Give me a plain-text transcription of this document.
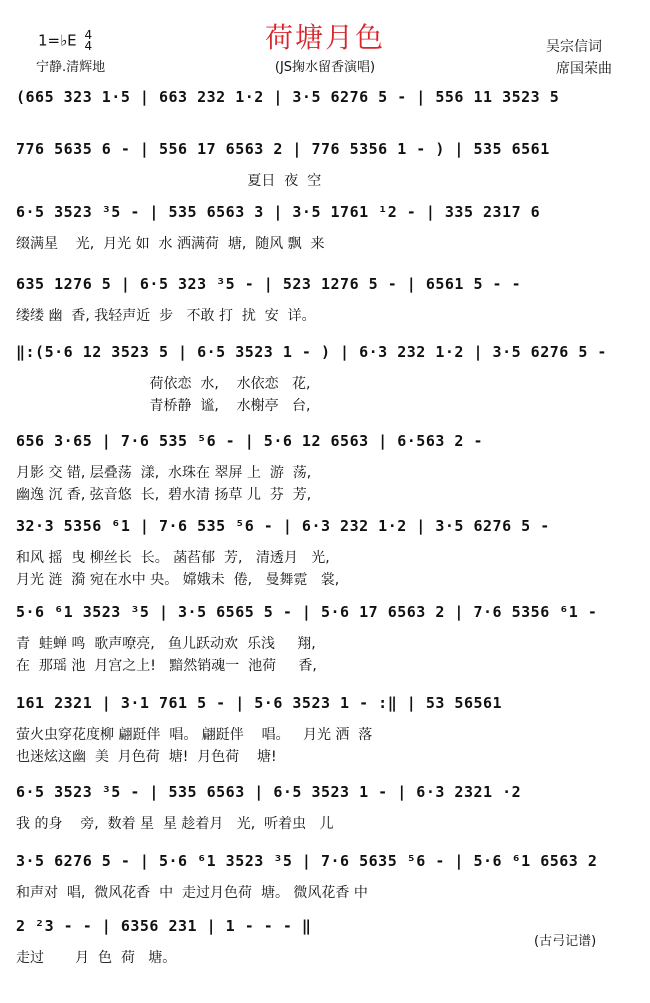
荷塘月色
(JS掬水留香演唱)
1=♭E 4
4
宁静.清辉地
吴宗信词
席国荣曲
(古弓记谱)
(665 323 1·5 | 663 232 1·2 | 3·5 6276 5 - | 556 11 3523 5
776 5635 6 - | 556 17 6563 2 | 776 5356 1 - ) | 535 6561
夏日  夜  空
6·5 3523 ³5 - | 535 6563 3 | 3·5 1761 ¹2 - | 335 2317 6
缀满星    光,  月光 如  水 洒满荷  塘,  随风 飘  来
635 1276 5 | 6·5 323 ³5 - | 523 1276 5 - | 6561 5 - -
缕缕 幽  香, 我轻声近  步   不敢 打  扰  安  详。
‖:(5·6 12 3523 5 | 6·5 3523 1 - ) | 6·3 232 1·2 | 3·5 6276 5 -
荷依恋  水,    水依恋   花,
青桥静  谧,    水榭亭   台,
656 3·65 | 7·6 535 ⁵6 - | 5·6 12 6563 | 6·563 2 -
月影 交 错, 层叠荡  漾,  水珠在 翠屏 上  游  荡,
幽逸 沉 香, 弦音悠  长,  碧水清 扬草 儿  芬  芳,
32·3 5356 ⁶1 | 7·6 535 ⁵6 - | 6·3 232 1·2 | 3·5 6276 5 -
和风 摇  曳 柳丝长  长。 菡萏郁  芳,   清透月   光,
月光 涟  漪 宛在水中 央。 嫦娥未  倦,   曼舞霓   裳,
5·6 ⁶1 3523 ³5 | 3·5 6565 5 - | 5·6 17 6563 2 | 7·6 5356 ⁶1 -
青  蛙蝉 鸣  歌声嘹亮,   鱼儿跃动欢  乐浅     翔,
在  那瑶 池  月宫之上!   黯然销魂一  池荷     香,
161 2321 | 3·1 761 5 - | 5·6 3523 1 - :‖ | 53 56561
萤火虫穿花度柳 翩跹伴  唱。 翩跹伴    唱。   月光 洒  落
也迷炫这幽  美  月色荷  塘!  月色荷    塘!
6·5 3523 ³5 - | 535 6563 | 6·5 3523 1 - | 6·3 2321 ·2
我 的身    旁,  数着 星  星 趁着月   光,  听着虫   儿
3·5 6276 5 - | 5·6 ⁶1 3523 ³5 | 7·6 5635 ⁵6 - | 5·6 ⁶1 6563 2
和声对  唱,  微风花香  中  走过月色荷  塘。 微风花香 中
2 ²3 - - | 6356 231 | 1 - - - ‖
走过       月  色  荷   塘。
